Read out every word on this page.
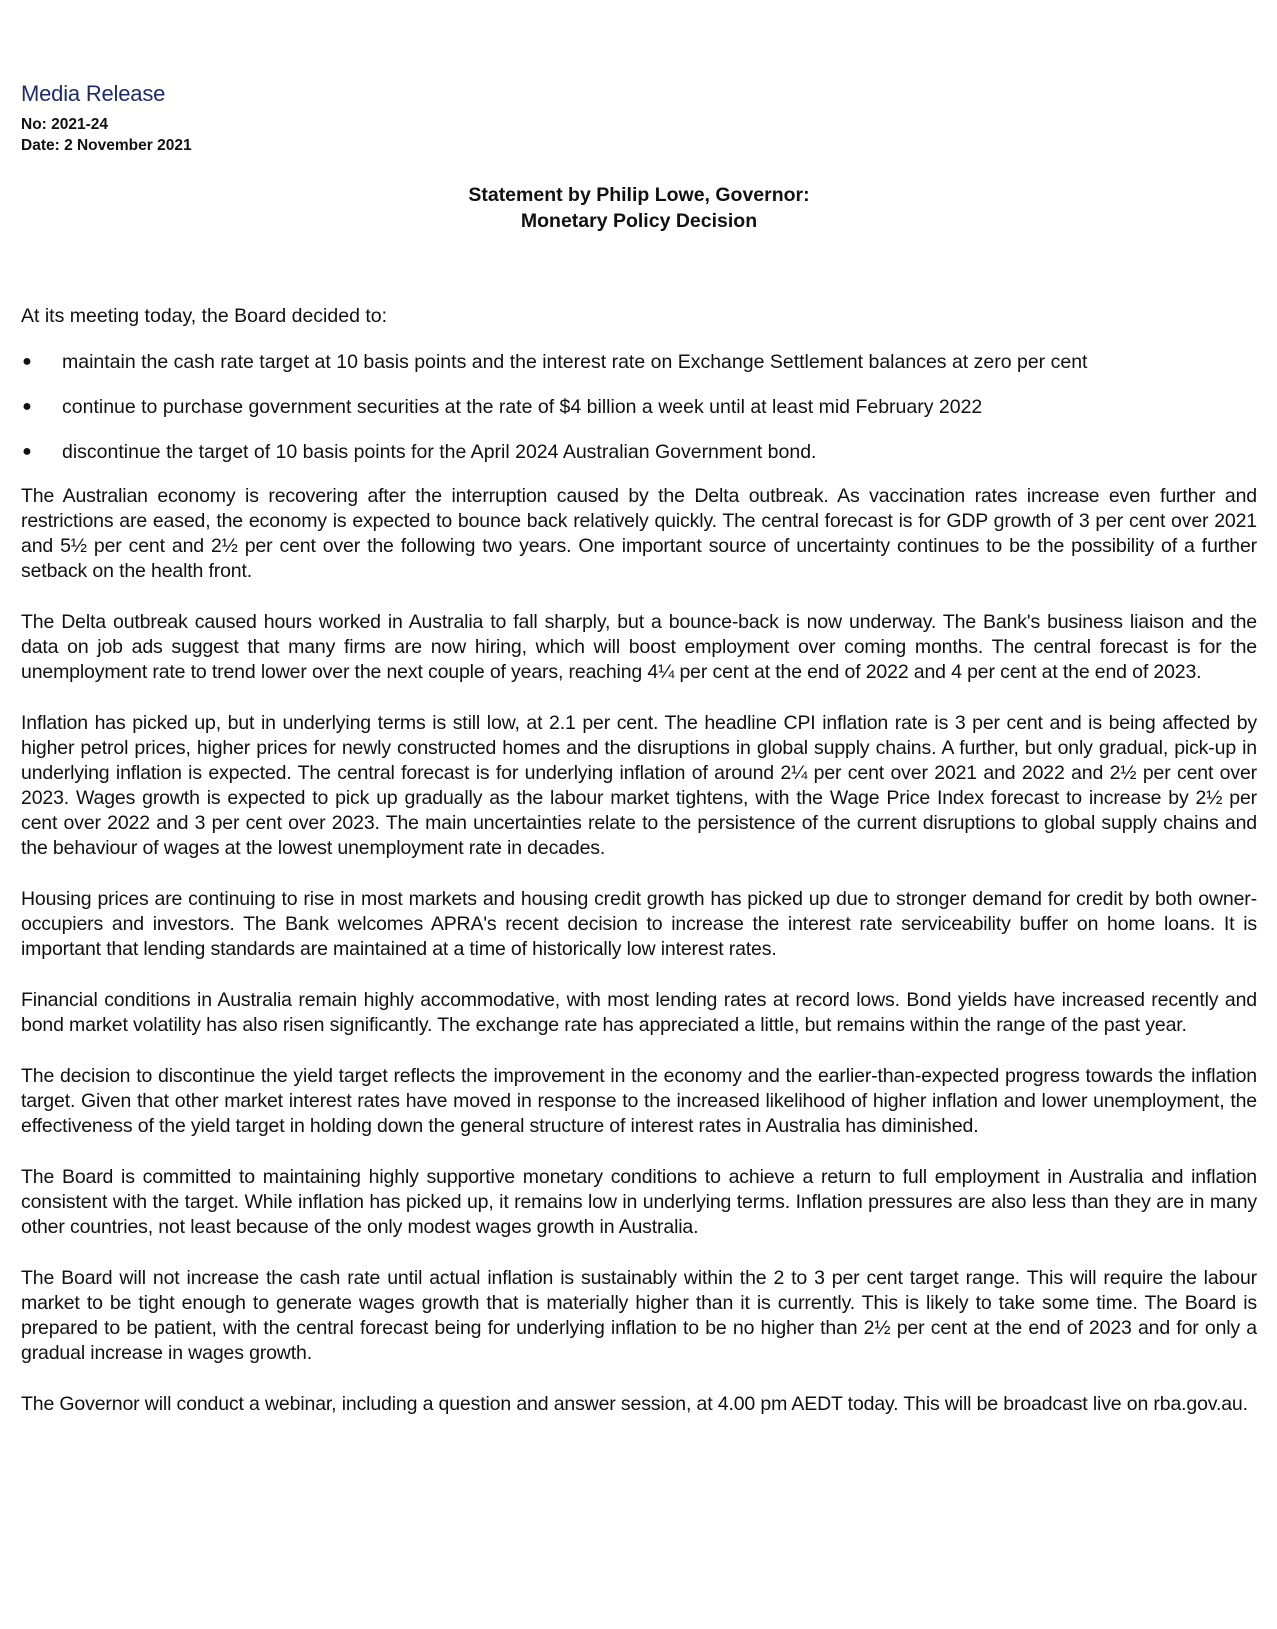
Media Release
No: 2021-24
Date: 2 November 2021
Statement by Philip Lowe, Governor:
Monetary Policy Decision
At its meeting today, the Board decided to:
● maintain the cash rate target at 10 basis points and the interest rate on Exchange Settlement balances at zero per cent
● continue to purchase government securities at the rate of $4 billion a week until at least mid February 2022
● discontinue the target of 10 basis points for the April 2024 Australian Government bond.

The Australian economy is recovering after the interruption caused by the Delta outbreak. As vaccination rates increase even further and restrictions are eased, the economy is expected to bounce back relatively quickly. The central forecast is for GDP growth of 3 per cent over 2021 and 5½ per cent and 2½ per cent over the following two years. One important source of uncertainty continues to be the possibility of a further setback on the health front.

The Delta outbreak caused hours worked in Australia to fall sharply, but a bounce-back is now underway. The Bank's business liaison and the data on job ads suggest that many firms are now hiring, which will boost employment over coming months. The central forecast is for the unemployment rate to trend lower over the next couple of years, reaching 4¼ per cent at the end of 2022 and 4 per cent at the end of 2023.

Inflation has picked up, but in underlying terms is still low, at 2.1 per cent. The headline CPI inflation rate is 3 per cent and is being affected by higher petrol prices, higher prices for newly constructed homes and the disruptions in global supply chains. A further, but only gradual, pick-up in underlying inflation is expected. The central forecast is for underlying inflation of around 2¼ per cent over 2021 and 2022 and 2½ per cent over 2023. Wages growth is expected to pick up gradually as the labour market tightens, with the Wage Price Index forecast to increase by 2½ per cent over 2022 and 3 per cent over 2023. The main uncertainties relate to the persistence of the current disruptions to global supply chains and the behaviour of wages at the lowest unemployment rate in decades.

Housing prices are continuing to rise in most markets and housing credit growth has picked up due to stronger demand for credit by both owner-occupiers and investors. The Bank welcomes APRA's recent decision to increase the interest rate serviceability buffer on home loans. It is important that lending standards are maintained at a time of historically low interest rates.

Financial conditions in Australia remain highly accommodative, with most lending rates at record lows. Bond yields have increased recently and bond market volatility has also risen significantly. The exchange rate has appreciated a little, but remains within the range of the past year.

The decision to discontinue the yield target reflects the improvement in the economy and the earlier-than-expected progress towards the inflation target. Given that other market interest rates have moved in response to the increased likelihood of higher inflation and lower unemployment, the effectiveness of the yield target in holding down the general structure of interest rates in Australia has diminished.

The Board is committed to maintaining highly supportive monetary conditions to achieve a return to full employment in Australia and inflation consistent with the target. While inflation has picked up, it remains low in underlying terms. Inflation pressures are also less than they are in many other countries, not least because of the only modest wages growth in Australia.

The Board will not increase the cash rate until actual inflation is sustainably within the 2 to 3 per cent target range. This will require the labour market to be tight enough to generate wages growth that is materially higher than it is currently. This is likely to take some time. The Board is prepared to be patient, with the central forecast being for underlying inflation to be no higher than 2½ per cent at the end of 2023 and for only a gradual increase in wages growth.

The Governor will conduct a webinar, including a question and answer session, at 4.00 pm AEDT today. This will be broadcast live on rba.gov.au.
